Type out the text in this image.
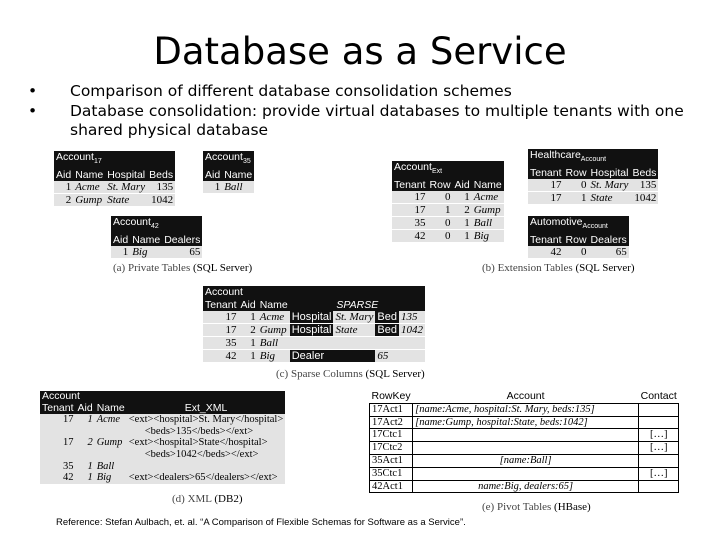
Database as a Service
• Comparison of different database consolidation schemes
• Database consolidation: provide virtual databases to multiple tenants with one shared physical database
Account$_{17}$
Aid	Name	Hospital	Beds
1	Acme	St. Mary	135
2	Gump	State	1042
Account$_{35}$
Aid	Name
1	Ball
Account$_{42}$
Aid	Name	Dealers
1	Big	65
(a) Private Tables (SQL Server)
Account$_{Ext}$
Tenant	Row	Aid	Name
17	0	1	Acme
17	1	2	Gump
35	0	1	Ball
42	0	1	Big
Healthcare$_{Account}$
Tenant	Row	Hospital	Beds
17	0	St. Mary	135
17	1	State	1042
Automotive$_{Account}$
Tenant	Row	Dealers
42	0	65
(b) Extension Tables (SQL Server)
Account						
Tenant	Aid	Name	SPARSE			
17	1	Acme	Hospital	St. Mary	Bed	135
17	2	Gump	Hospital	State	Bed	1042
35	1	Ball				
42	1	Big	Dealer		65	
(c) Sparse Columns (SQL Server)
Account			
Tenant	Aid	Name	Ext_XML
17	1	Acme	<ext><hospital>St. Mary</hospital>
<beds>135</beds></ext>

17	2	Gump	<ext><hospital>State</hospital>
<beds>1042</beds></ext>

35	1	Ball	
42	1	Big	<ext><dealers>65</dealers></ext>
(d) XML (DB2)
RowKey	Account	Contact
17Act1	[name:Acme, hospital:St. Mary, beds:135]	
17Act2	[name:Gump, hospital:State, beds:1042]	
17Ctc1		[…]
17Ctc2		[…]
35Act1	[name:Ball]	
35Ctc1		[…]
42Act1	name:Big, dealers:65]	
(e) Pivot Tables (HBase)
Reference: Stefan Aulbach, et. al. “A Comparison of Flexible Schemas for Software as a Service”.
